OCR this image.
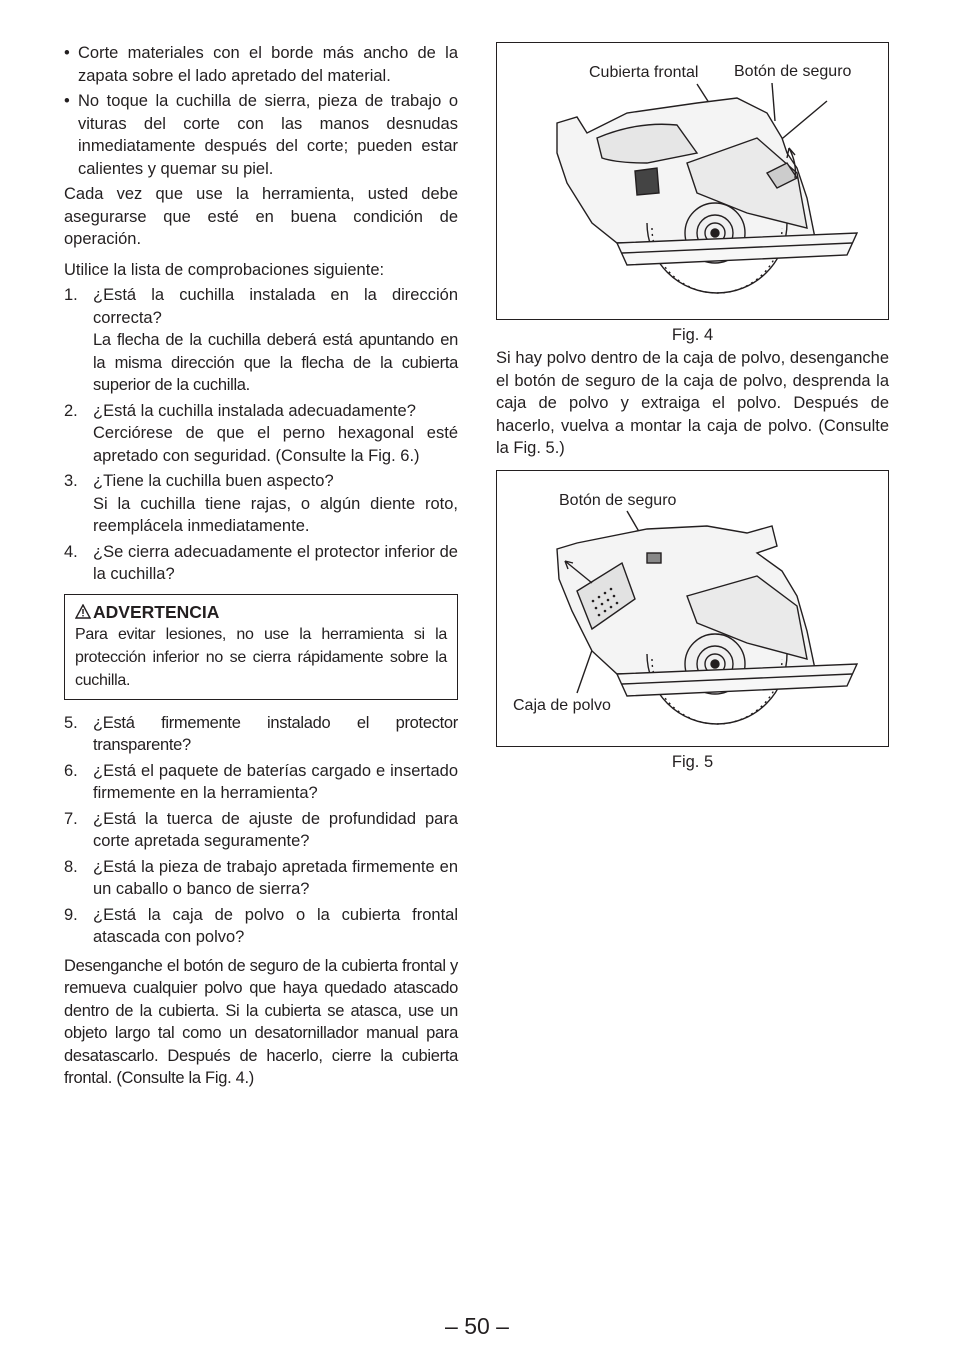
• Corte materiales con el borde más ancho de la zapata sobre el lado apretado del material.

• No toque la cuchilla de sierra, pieza de trabajo o vituras del corte con las manos desnudas inmediatamente después del corte; pueden estar calientes y quemar su piel.

Cada vez que use la herramienta, usted debe asegurarse que esté en buena condición de operación.

Utilice la lista de comprobaciones siguiente:

1. ¿Está la cuchilla instalada en la dirección correcta?

La flecha de la cuchilla deberá está apuntando en la misma dirección que la flecha de la cubierta superior de la cuchilla.

2. ¿Está la cuchilla instalada adecuadamente?

Cerciórese de que el perno hexagonal esté apretado con seguridad. (Consulte la Fig. 6.)

3. ¿Tiene la cuchilla buen aspecto?

Si la cuchilla tiene rajas, o algún diente roto, reemplácela inmediatamente.

4. ¿Se cierra adecuadamente el protector inferior de la cuchilla?

ADVERTENCIA

Para evitar lesiones, no use la herramienta si la protección inferior no se cierra rápidamente sobre la cuchilla.

5. ¿Está firmemente instalado el protector transparente?

6. ¿Está el paquete de baterías cargado e insertado firmemente en la herramienta?

7. ¿Está la tuerca de ajuste de profundidad para corte apretada seguramente?

8. ¿Está la pieza de trabajo apretada firmemente en un caballo o banco de sierra?

9. ¿Está la caja de polvo o la cubierta frontal atascada con polvo?

Desenganche el botón de seguro de la cubierta frontal y remueva cualquier polvo que haya quedado atascado dentro de la cubierta. Si la cubierta se atasca, use un objeto largo tal como un desatornillador manual para desatascarlo. Después de hacerlo, cierre la cubierta frontal. (Consulte la Fig. 4.)

Cubierta frontal Botón de seguro
Fig. 4

Si hay polvo dentro de la caja de polvo, desenganche el botón de seguro de la caja de polvo, desprenda la caja de polvo y extraiga el polvo. Después de hacerlo, vuelva a montar la caja de polvo. (Consulte la Fig. 5.)

Botón de seguro
Caja de polvo
Fig. 5
– 50 –
